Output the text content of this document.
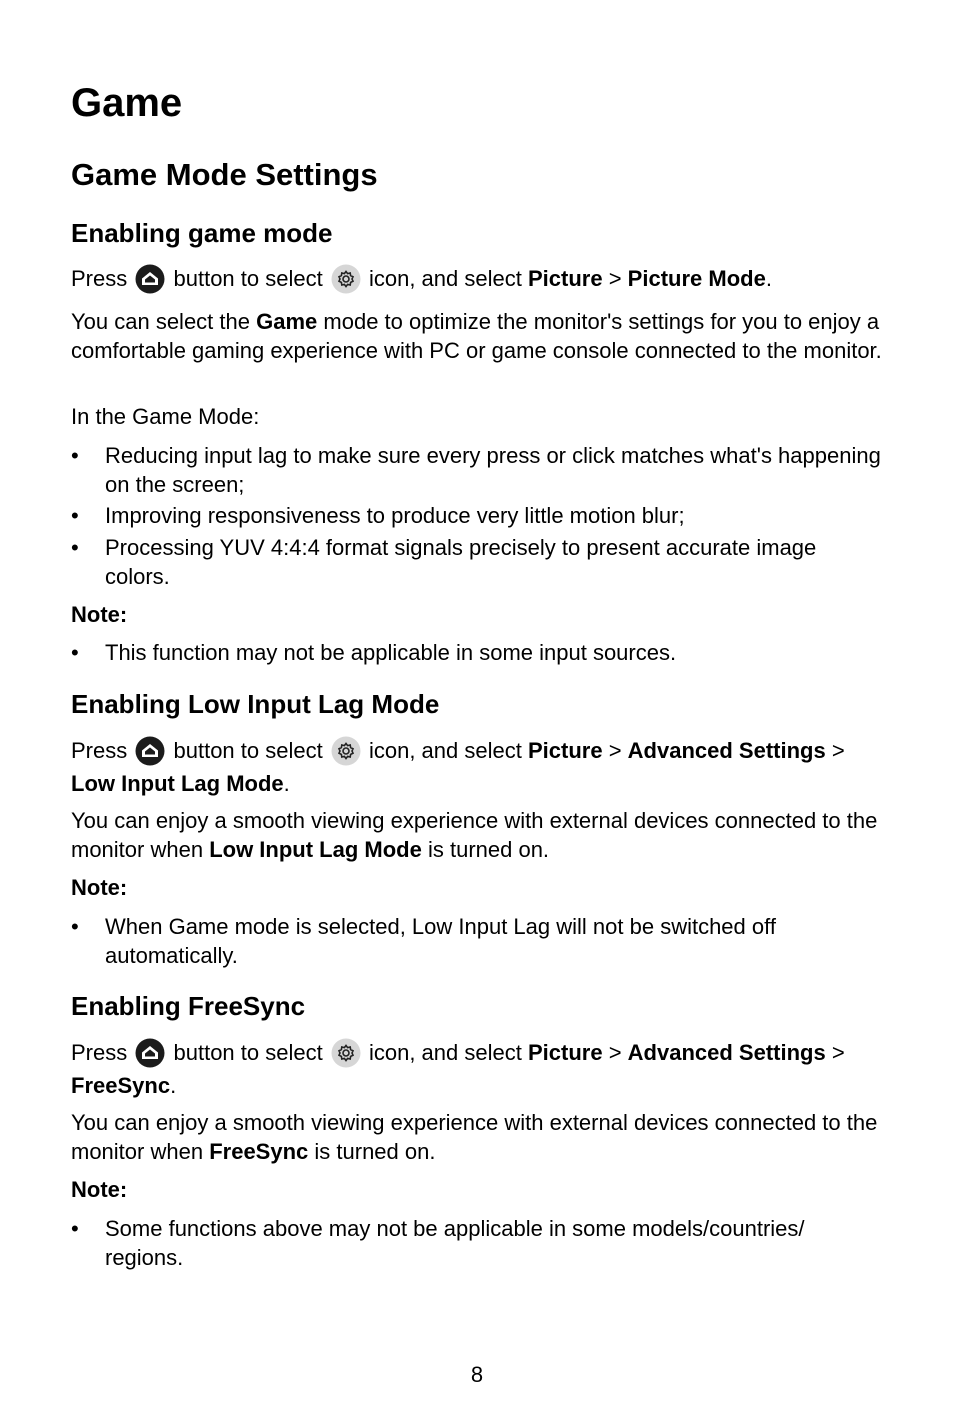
Game
Game Mode Settings
Enabling game mode
Press button to select icon, and select Picture > Picture Mode.
You can select the Game mode to optimize the monitor's settings for you to enjoy a comfortable gaming experience with PC or game console connected to the monitor.
In the Game Mode:
•	Reducing input lag to make sure every press or click matches what's happening on the screen;
•	Improving responsiveness to produce very little motion blur;
•	Processing YUV 4:4:4 format signals precisely to present accurate image colors.
Note:
•	This function may not be applicable in some input sources.
Enabling Low Input Lag Mode
Press button to select icon, and select Picture > Advanced Settings > Low Input Lag Mode.
You can enjoy a smooth viewing experience with external devices connected to the monitor when Low Input Lag Mode is turned on.
Note:
•	When Game mode is selected, Low Input Lag will not be switched off automatically.
Enabling FreeSync
Press button to select icon, and select Picture > Advanced Settings > FreeSync.
You can enjoy a smooth viewing experience with external devices connected to the monitor when FreeSync is turned on.
Note:
•	Some functions above may not be applicable in some models/countries/ regions.
8
